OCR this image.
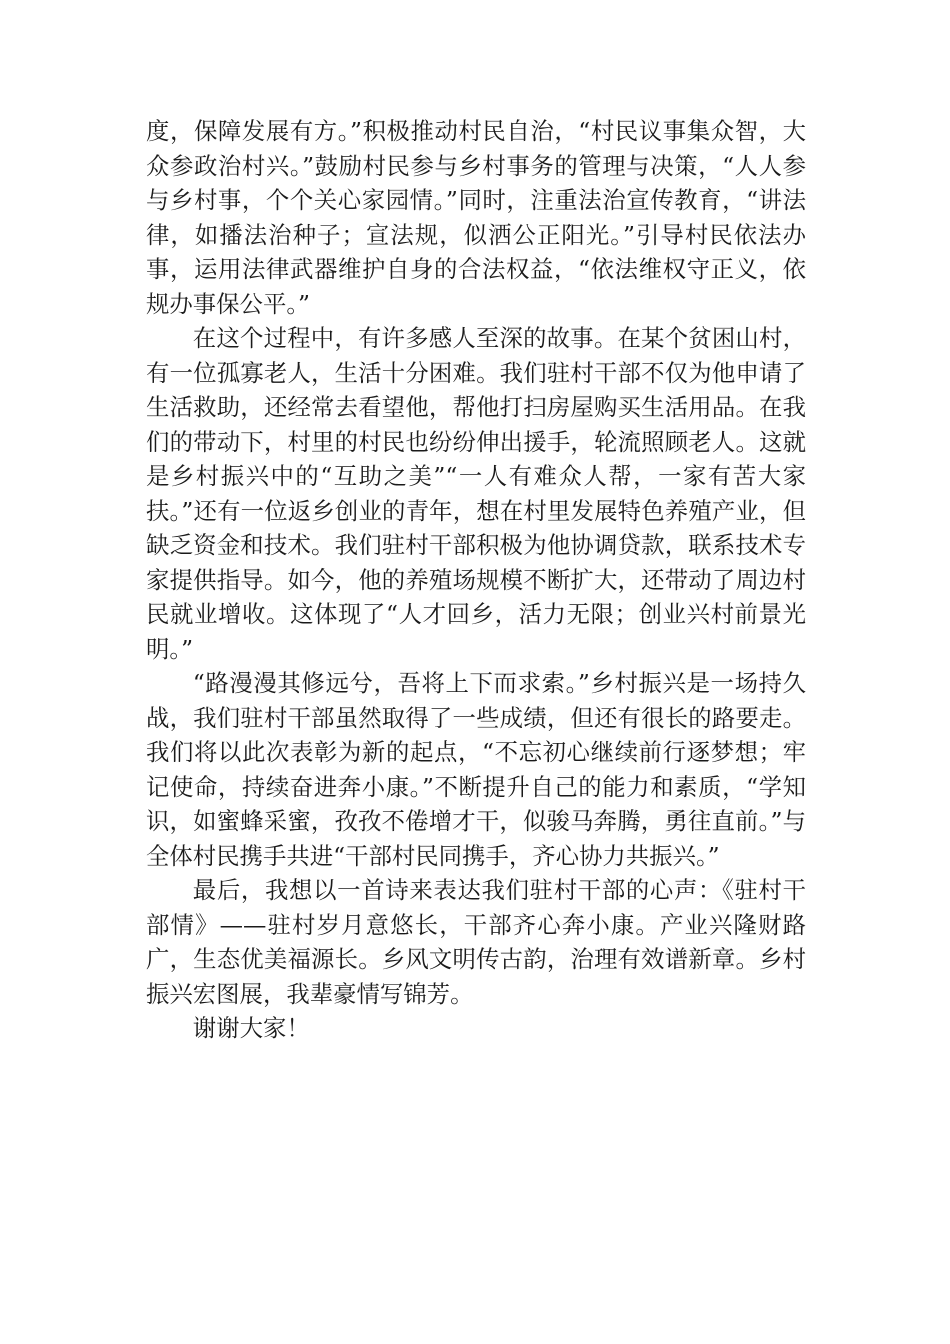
度，保障发展有方。”积极推动村民自治，“村民议事集众智，大众参政治村兴。”鼓励村民参与乡村事务的管理与决策，“人人参与乡村事，个个关心家园情。”同时，注重法治宣传教育，“讲法律，如播法治种子；宣法规，似洒公正阳光。”引导村民依法办事，运用法律武器维护自身的合法权益，“依法维权守正义，依规办事保公平。”

在这个过程中，有许多感人至深的故事。在某个贫困山村，有一位孤寡老人，生活十分困难。我们驻村干部不仅为他申请了生活救助，还经常去看望他，帮他打扫房屋购买生活用品。在我们的带动下，村里的村民也纷纷伸出援手，轮流照顾老人。这就是乡村振兴中的“互助之美”“一人有难众人帮，一家有苦大家扶。”还有一位返乡创业的青年，想在村里发展特色养殖产业，但缺乏资金和技术。我们驻村干部积极为他协调贷款，联系技术专家提供指导。如今，他的养殖场规模不断扩大，还带动了周边村民就业增收。这体现了“人才回乡，活力无限；创业兴村前景光明。”

“路漫漫其修远兮，吾将上下而求索。”乡村振兴是一场持久战，我们驻村干部虽然取得了一些成绩，但还有很长的路要走。我们将以此次表彰为新的起点，“不忘初心继续前行逐梦想；牢记使命，持续奋进奔小康。”不断提升自己的能力和素质，“学知识，如蜜蜂采蜜，孜孜不倦增才干，似骏马奔腾，勇往直前。”与全体村民携手共进“干部村民同携手，齐心协力共振兴。”

最后，我想以一首诗来表达我们驻村干部的心声：《驻村干部情》——驻村岁月意悠长，干部齐心奔小康。产业兴隆财路广，生态优美福源长。乡风文明传古韵，治理有效谱新章。乡村振兴宏图展，我辈豪情写锦芳。

谢谢大家！
